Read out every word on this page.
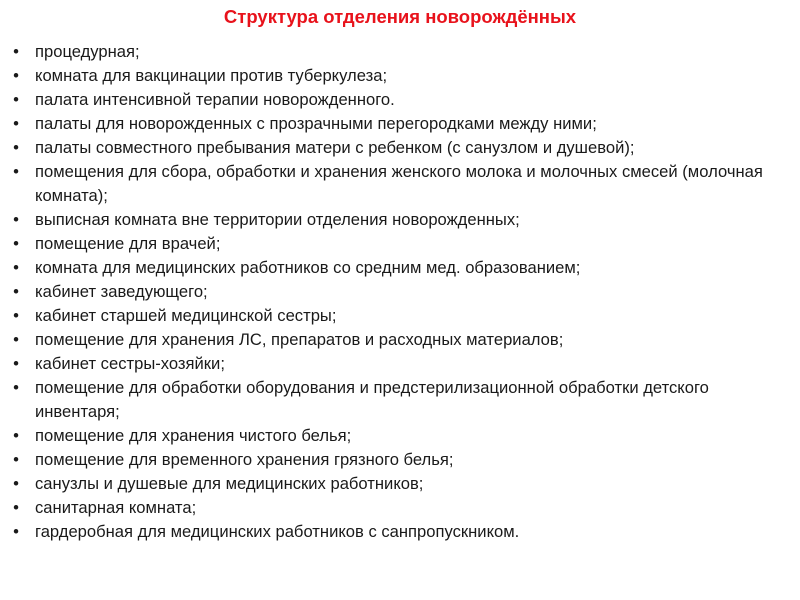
Структура отделения новорождённых
• процедурная;
• комната для вакцинации против туберкулеза;
• палата интенсивной терапии новорожденного.
• палаты для новорожденных с прозрачными перегородками между ними;
• палаты совместного пребывания матери с ребенком (с санузлом и душевой);
• помещения для сбора, обработки и хранения женского молока и молочных смесей (молочная комната);
• выписная комната вне территории отделения новорожденных;
• помещение для врачей;
• комната для медицинских работников со средним мед. образованием;
• кабинет заведующего;
• кабинет старшей медицинской сестры;
• помещение для хранения ЛС, препаратов и расходных материалов;
• кабинет сестры-хозяйки;
• помещение для обработки оборудования и предстерилизационной обработки детского инвентаря;
• помещение для хранения чистого белья;
• помещение для временного хранения грязного белья;
• санузлы и душевые для медицинских работников;
• санитарная комната;
• гардеробная для медицинских работников с санпропускником.
